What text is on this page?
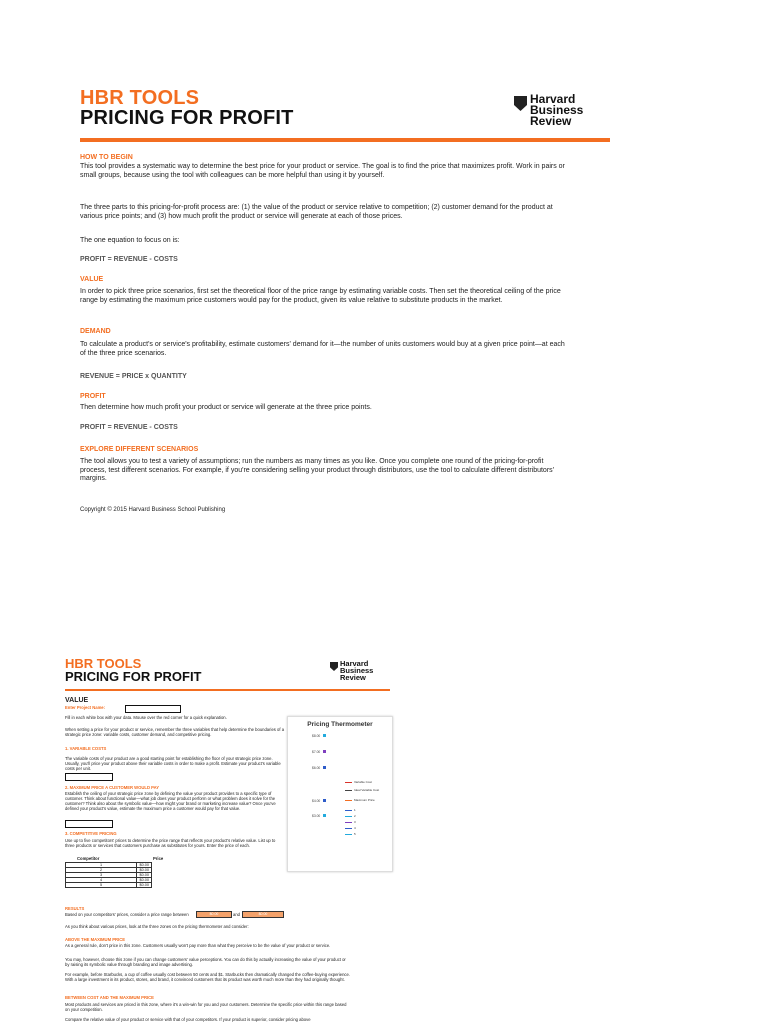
HBR TOOLS
PRICING FOR PROFIT
Harvard
Business
Review
HOW TO BEGIN
This tool provides a systematic way to determine the best price for your product or service. The goal is to find the price that maximizes profit. Work in pairs or small groups, because using the tool with colleagues can be more helpful than using it by yourself.
The three parts to this pricing-for-profit process are: (1) the value of the product or service relative to competition; (2) customer demand for the product at various price points; and (3) how much profit the product or service will generate at each of those prices.
The one equation to focus on is:
PROFIT = REVENUE - COSTS
VALUE
In order to pick three price scenarios, first set the theoretical floor of the price range by estimating variable costs. Then set the theoretical ceiling of the price range by estimating the maximum price customers would pay for the product, given its value relative to substitute products in the market.
DEMAND
To calculate a product's or service's profitability, estimate customers' demand for it—the number of units customers would buy at a given price point—at each of the three price scenarios.
REVENUE = PRICE x QUANTITY
PROFIT
Then determine how much profit your product or service will generate at the three price points.
PROFIT = REVENUE - COSTS
EXPLORE DIFFERENT SCENARIOS
The tool allows you to test a variety of assumptions; run the numbers as many times as you like. Once you complete one round of the pricing-for-profit process, test different scenarios. For example, if you're considering selling your product through distributors, use the tool to calculate different distributors' margins.
Copyright © 2015 Harvard Business School Publishing
HBR TOOLS
PRICING FOR PROFIT
Harvard
Business
Review
VALUE
Enter Project Name:
Fill in each white box with your data. Mouse over the red corner for a quick explanation.
When setting a price for your product or service, remember the three variables that help determine the boundaries of a strategic price zone: variable costs, customer demand, and competitive pricing.
1. VARIABLE COSTS
The variable costs of your product are a good starting point for establishing the floor of your strategic price zone. Usually, you'll price your product above their variable costs in order to make a profit. Estimate your product's variable costs per unit.
2. MAXIMUM PRICE A CUSTOMER WOULD PAY
Establish the ceiling of your strategic price zone by defining the value your product provides to a specific type of customer. Think about functional value—what job does your product perform or what problem does it solve for the customer? Think also about the symbolic value—how might your brand or marketing increase value? Once you've defined your product's value, estimate the maximum price a customer would pay for that value.
3. COMPETITIVE PRICING
Use up to five competitors' prices to determine the price range that reflects your product's relative value. List up to three products or services that customers purchase as substitutes for yours. Enter the price of each.
Competitor	Price
1	$0.00
2	$0.00
3	$0.00
4	$0.00
5	$0.00
RESULTS
Based on your competitors' prices, consider a price range between	$0.00	and	$0.00
As you think about various prices, look at the three zones on the pricing thermometer and consider:
ABOVE THE MAXIMUM PRICE
As a general rule, don't price in this zone. Customers usually won't pay more than what they perceive to be the value of your product or service.
You may, however, choose this zone if you can change customers' value perceptions. You can do this by actually increasing the value of your product or by raising its symbolic value through branding and image advertising.
For example, before Starbucks, a cup of coffee usually cost between 50 cents and $1. Starbucks then dramatically changed the coffee-buying experience. With a large investment in its product, stores, and brand, it convinced customers that its product was worth much more than they had originally thought.
BETWEEN COST AND THE MAXIMUM PRICE
Most products and services are priced in this zone, where it's a win-win for you and your customers. Determine the specific price within this range based on your competition.
Compare the relative value of your product or service with that of your competitors. If your product is superior, consider pricing above
Pricing Thermometer
$8.00
$7.00
$6.00
$4.00
$3.00
Variable Cost
Ideal Variable Cost
Maximum Price
1
2
3
4
5
